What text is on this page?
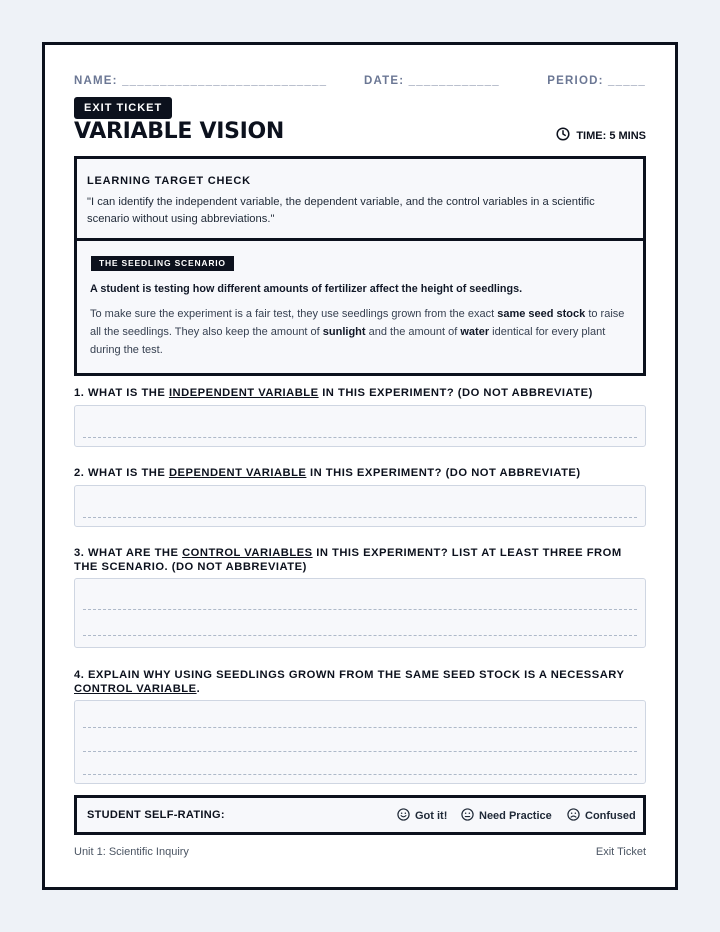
NAME: ___________________________	DATE: ____________	PERIOD: _____
EXIT TICKET
VARIABLE VISION	TIME: 5 MINS
LEARNING TARGET CHECK
"I can identify the independent variable, the dependent variable, and the control variables in a scientific scenario without using abbreviations."
THE SEEDLING SCENARIO
A student is testing how different amounts of fertilizer affect the height of seedlings.
To make sure the experiment is a fair test, they use seedlings grown from the exact same seed stock to raise all the seedlings. They also keep the amount of sunlight and the amount of water identical for every plant during the test.
1. WHAT IS THE INDEPENDENT VARIABLE IN THIS EXPERIMENT? (DO NOT ABBREVIATE)
2. WHAT IS THE DEPENDENT VARIABLE IN THIS EXPERIMENT? (DO NOT ABBREVIATE)
3. WHAT ARE THE CONTROL VARIABLES IN THIS EXPERIMENT? LIST AT LEAST THREE FROM THE SCENARIO. (DO NOT ABBREVIATE)
4. EXPLAIN WHY USING SEEDLINGS GROWN FROM THE SAME SEED STOCK IS A NECESSARY CONTROL VARIABLE.
STUDENT SELF-RATING:	Got it!	Need Practice	Confused
Unit 1: Scientific Inquiry	Exit Ticket
